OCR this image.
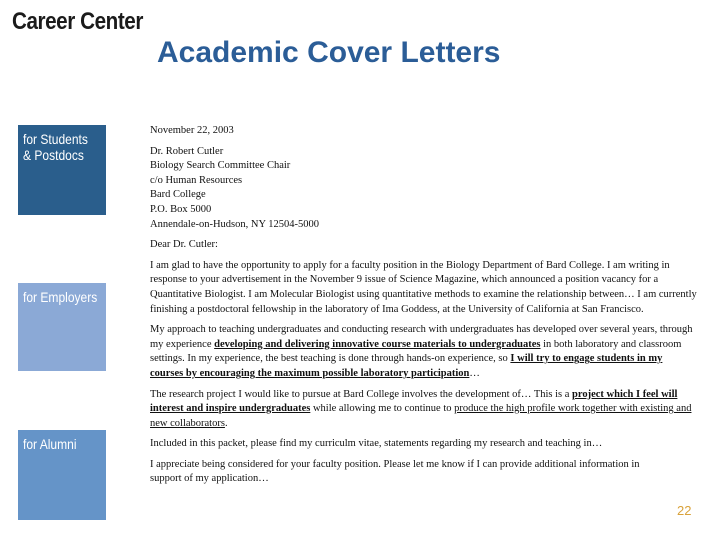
Career Center
Academic Cover Letters
for Students
& Postdocs
for Employers
for Alumni

November 22, 2003

Dr. Robert Cutler

Biology Search Committee Chair

c/o Human Resources

Bard College

P.O. Box 5000

Annendale-on-Hudson, NY 12504-5000

Dear Dr. Cutler:

I am glad to have the opportunity to apply for a faculty position in the Biology Department of Bard College. I am writing in response to your advertisement in the November 9 issue of Science Magazine, which announced a position vacancy for a Quantitative Biologist. I am Molecular Biologist using quantitative methods to examine the relationship between… I am currently finishing a postdoctoral fellowship in the laboratory of Ima Goddess, at the University of California at San Francisco.

My approach to teaching undergraduates and conducting research with undergraduates has developed over several years, through my experience developing and delivering innovative course materials to undergraduates in both laboratory and classroom settings. In my experience, the best teaching is done through hands-on experience, so I will try to engage students in my courses by encouraging the maximum possible laboratory participation…

The research project I would like to pursue at Bard College involves the development of… This is a project which I feel will interest and inspire undergraduates while allowing me to continue to produce the high profile work together with existing and new collaborators.

Included in this packet, please find my curriculm vitae, statements regarding my research and teaching in…

I appreciate being considered for your faculty position. Please let me know if I can provide additional information in support of my application…

22
